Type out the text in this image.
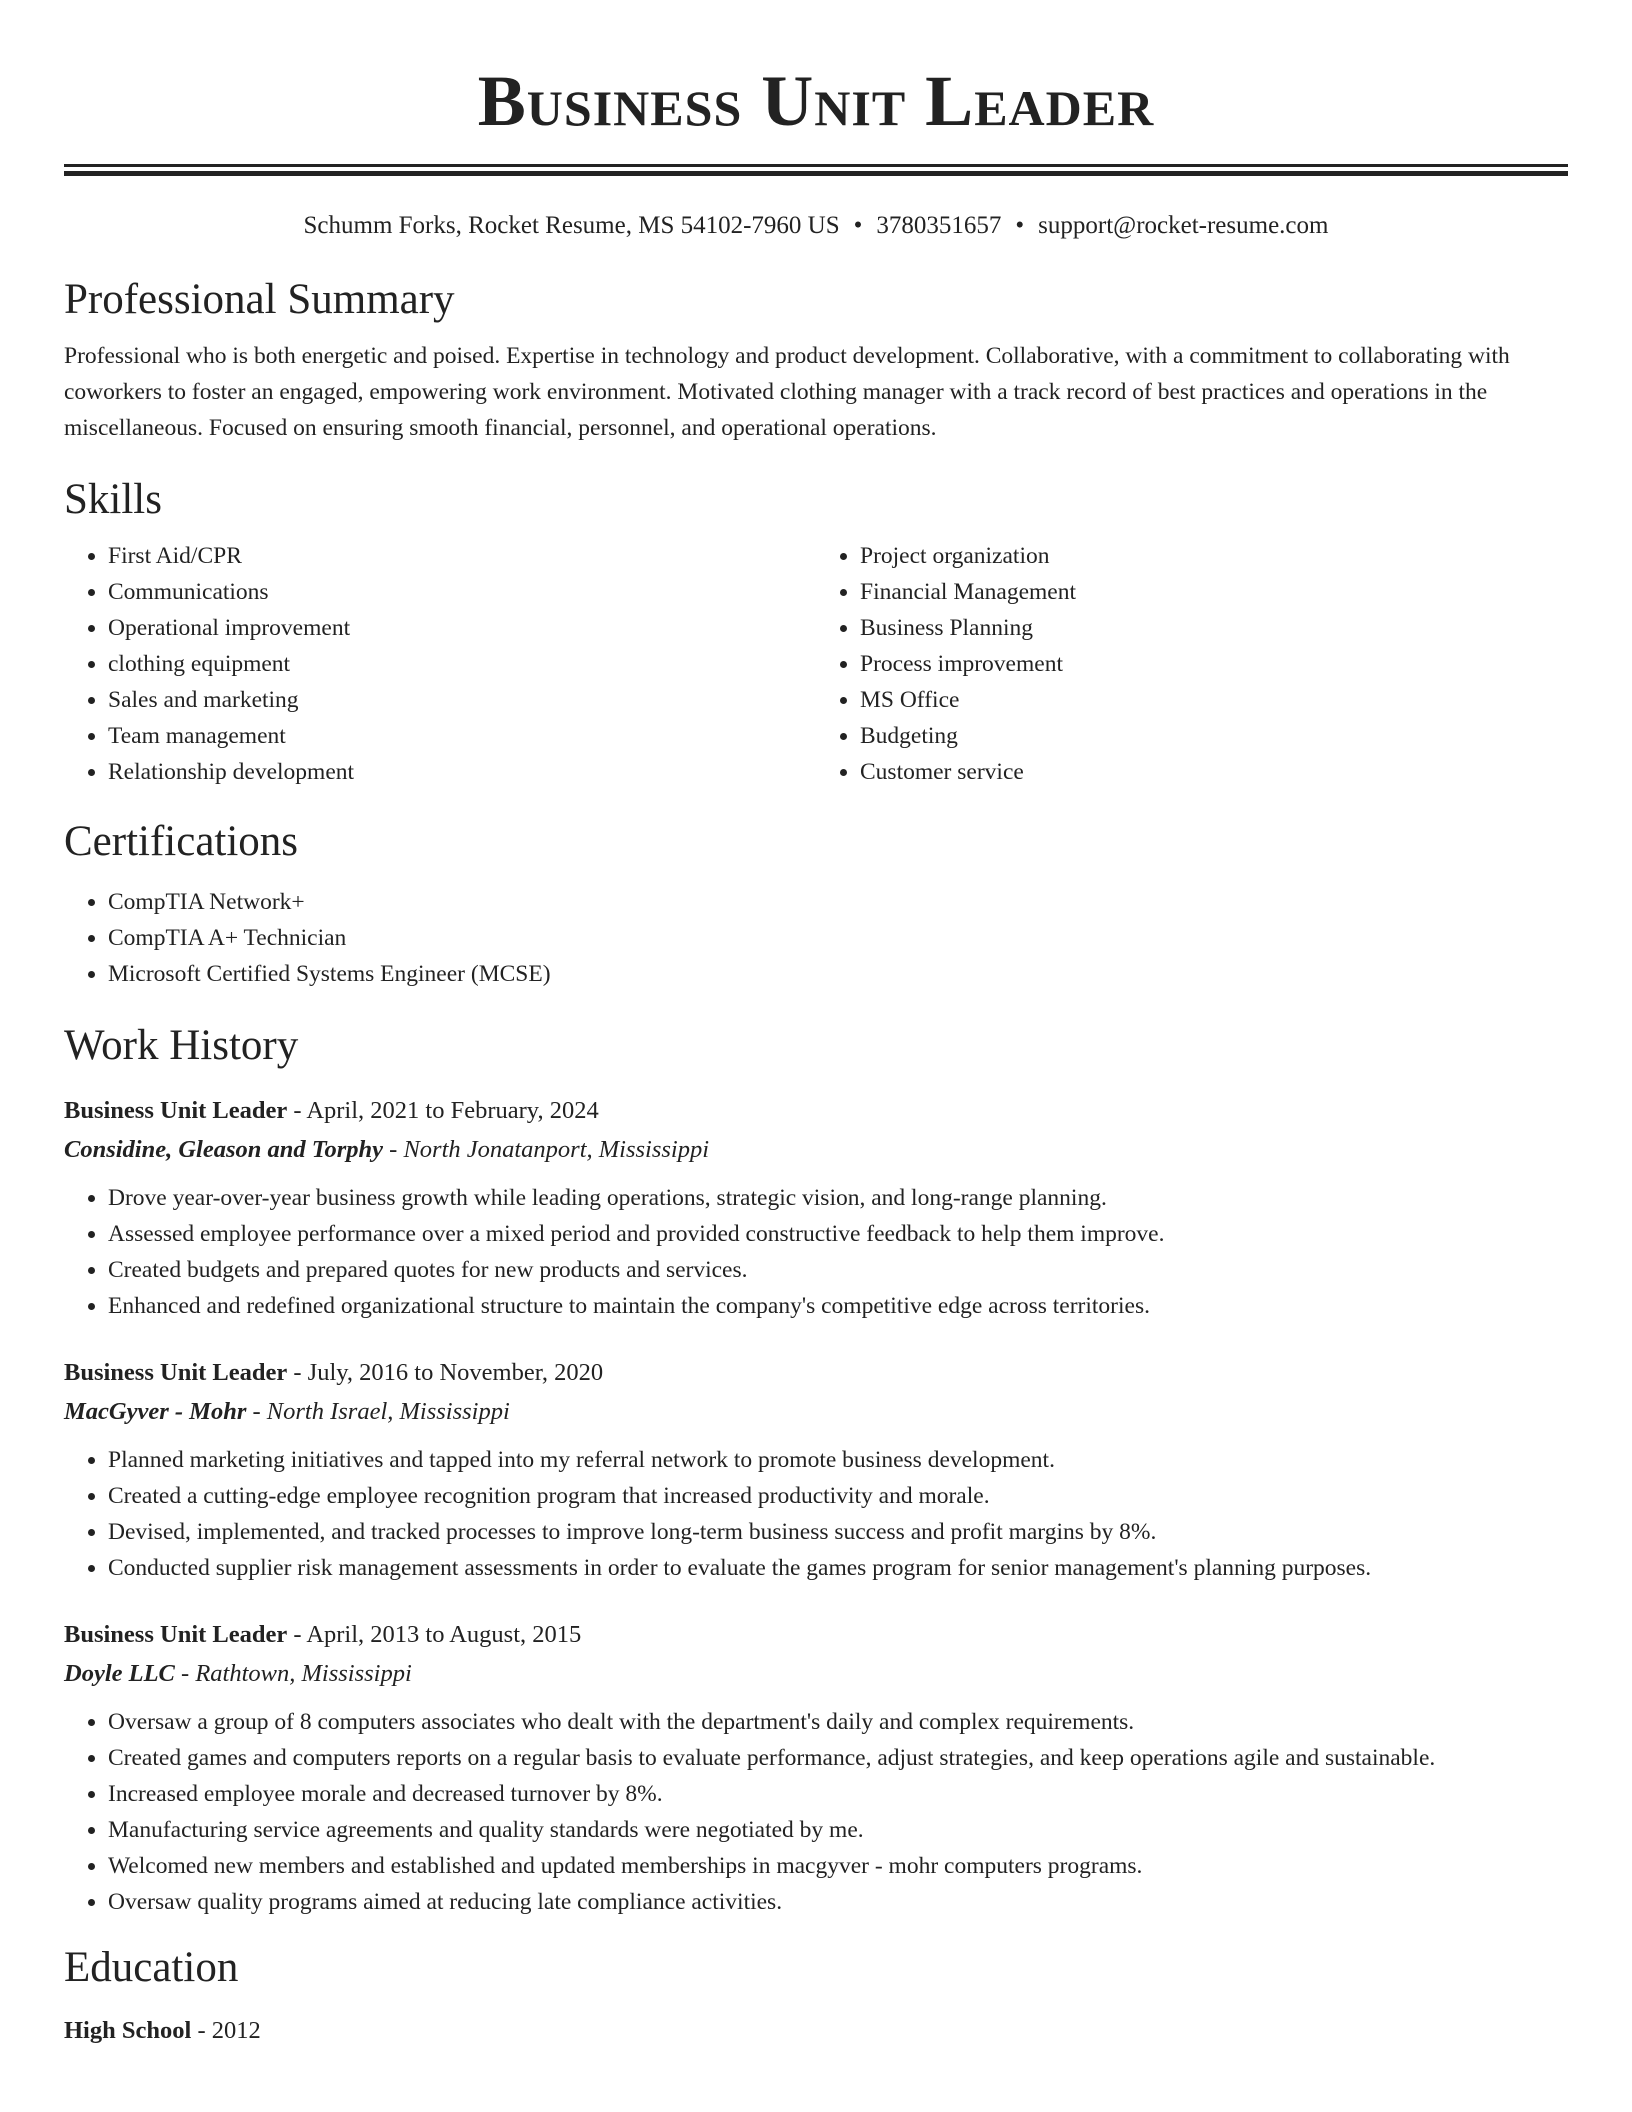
Business Unit Leader
Schumm Forks, Rocket Resume, MS 54102-7960 US • 3780351657 • support@rocket-resume.com
Professional Summary

Professional who is both energetic and poised. Expertise in technology and product development. Collaborative, with a commitment to collaborating with coworkers to foster an engaged, empowering work environment. Motivated clothing manager with a track record of best practices and operations in the miscellaneous. Focused on ensuring smooth financial, personnel, and operational operations.

Skills
• First Aid/CPR
• Communications
• Operational improvement
• clothing equipment
• Sales and marketing
• Team management
• Relationship development
• Project organization
• Financial Management
• Business Planning
• Process improvement
• MS Office
• Budgeting
• Customer service
Certifications
• CompTIA Network+
• CompTIA A+ Technician
• Microsoft Certified Systems Engineer (MCSE)
Work History
Business Unit Leader - April, 2021 to February, 2024
Considine, Gleason and Torphy - North Jonatanport, Mississippi
• Drove year-over-year business growth while leading operations, strategic vision, and long-range planning.
• Assessed employee performance over a mixed period and provided constructive feedback to help them improve.
• Created budgets and prepared quotes for new products and services.
• Enhanced and redefined organizational structure to maintain the company's competitive edge across territories.
Business Unit Leader - July, 2016 to November, 2020
MacGyver - Mohr - North Israel, Mississippi
• Planned marketing initiatives and tapped into my referral network to promote business development.
• Created a cutting-edge employee recognition program that increased productivity and morale.
• Devised, implemented, and tracked processes to improve long-term business success and profit margins by 8%.
• Conducted supplier risk management assessments in order to evaluate the games program for senior management's planning purposes.
Business Unit Leader - April, 2013 to August, 2015
Doyle LLC - Rathtown, Mississippi
• Oversaw a group of 8 computers associates who dealt with the department's daily and complex requirements.
• Created games and computers reports on a regular basis to evaluate performance, adjust strategies, and keep operations agile and sustainable.
• Increased employee morale and decreased turnover by 8%.
• Manufacturing service agreements and quality standards were negotiated by me.
• Welcomed new members and established and updated memberships in macgyver - mohr computers programs.
• Oversaw quality programs aimed at reducing late compliance activities.
Education
High School - 2012
